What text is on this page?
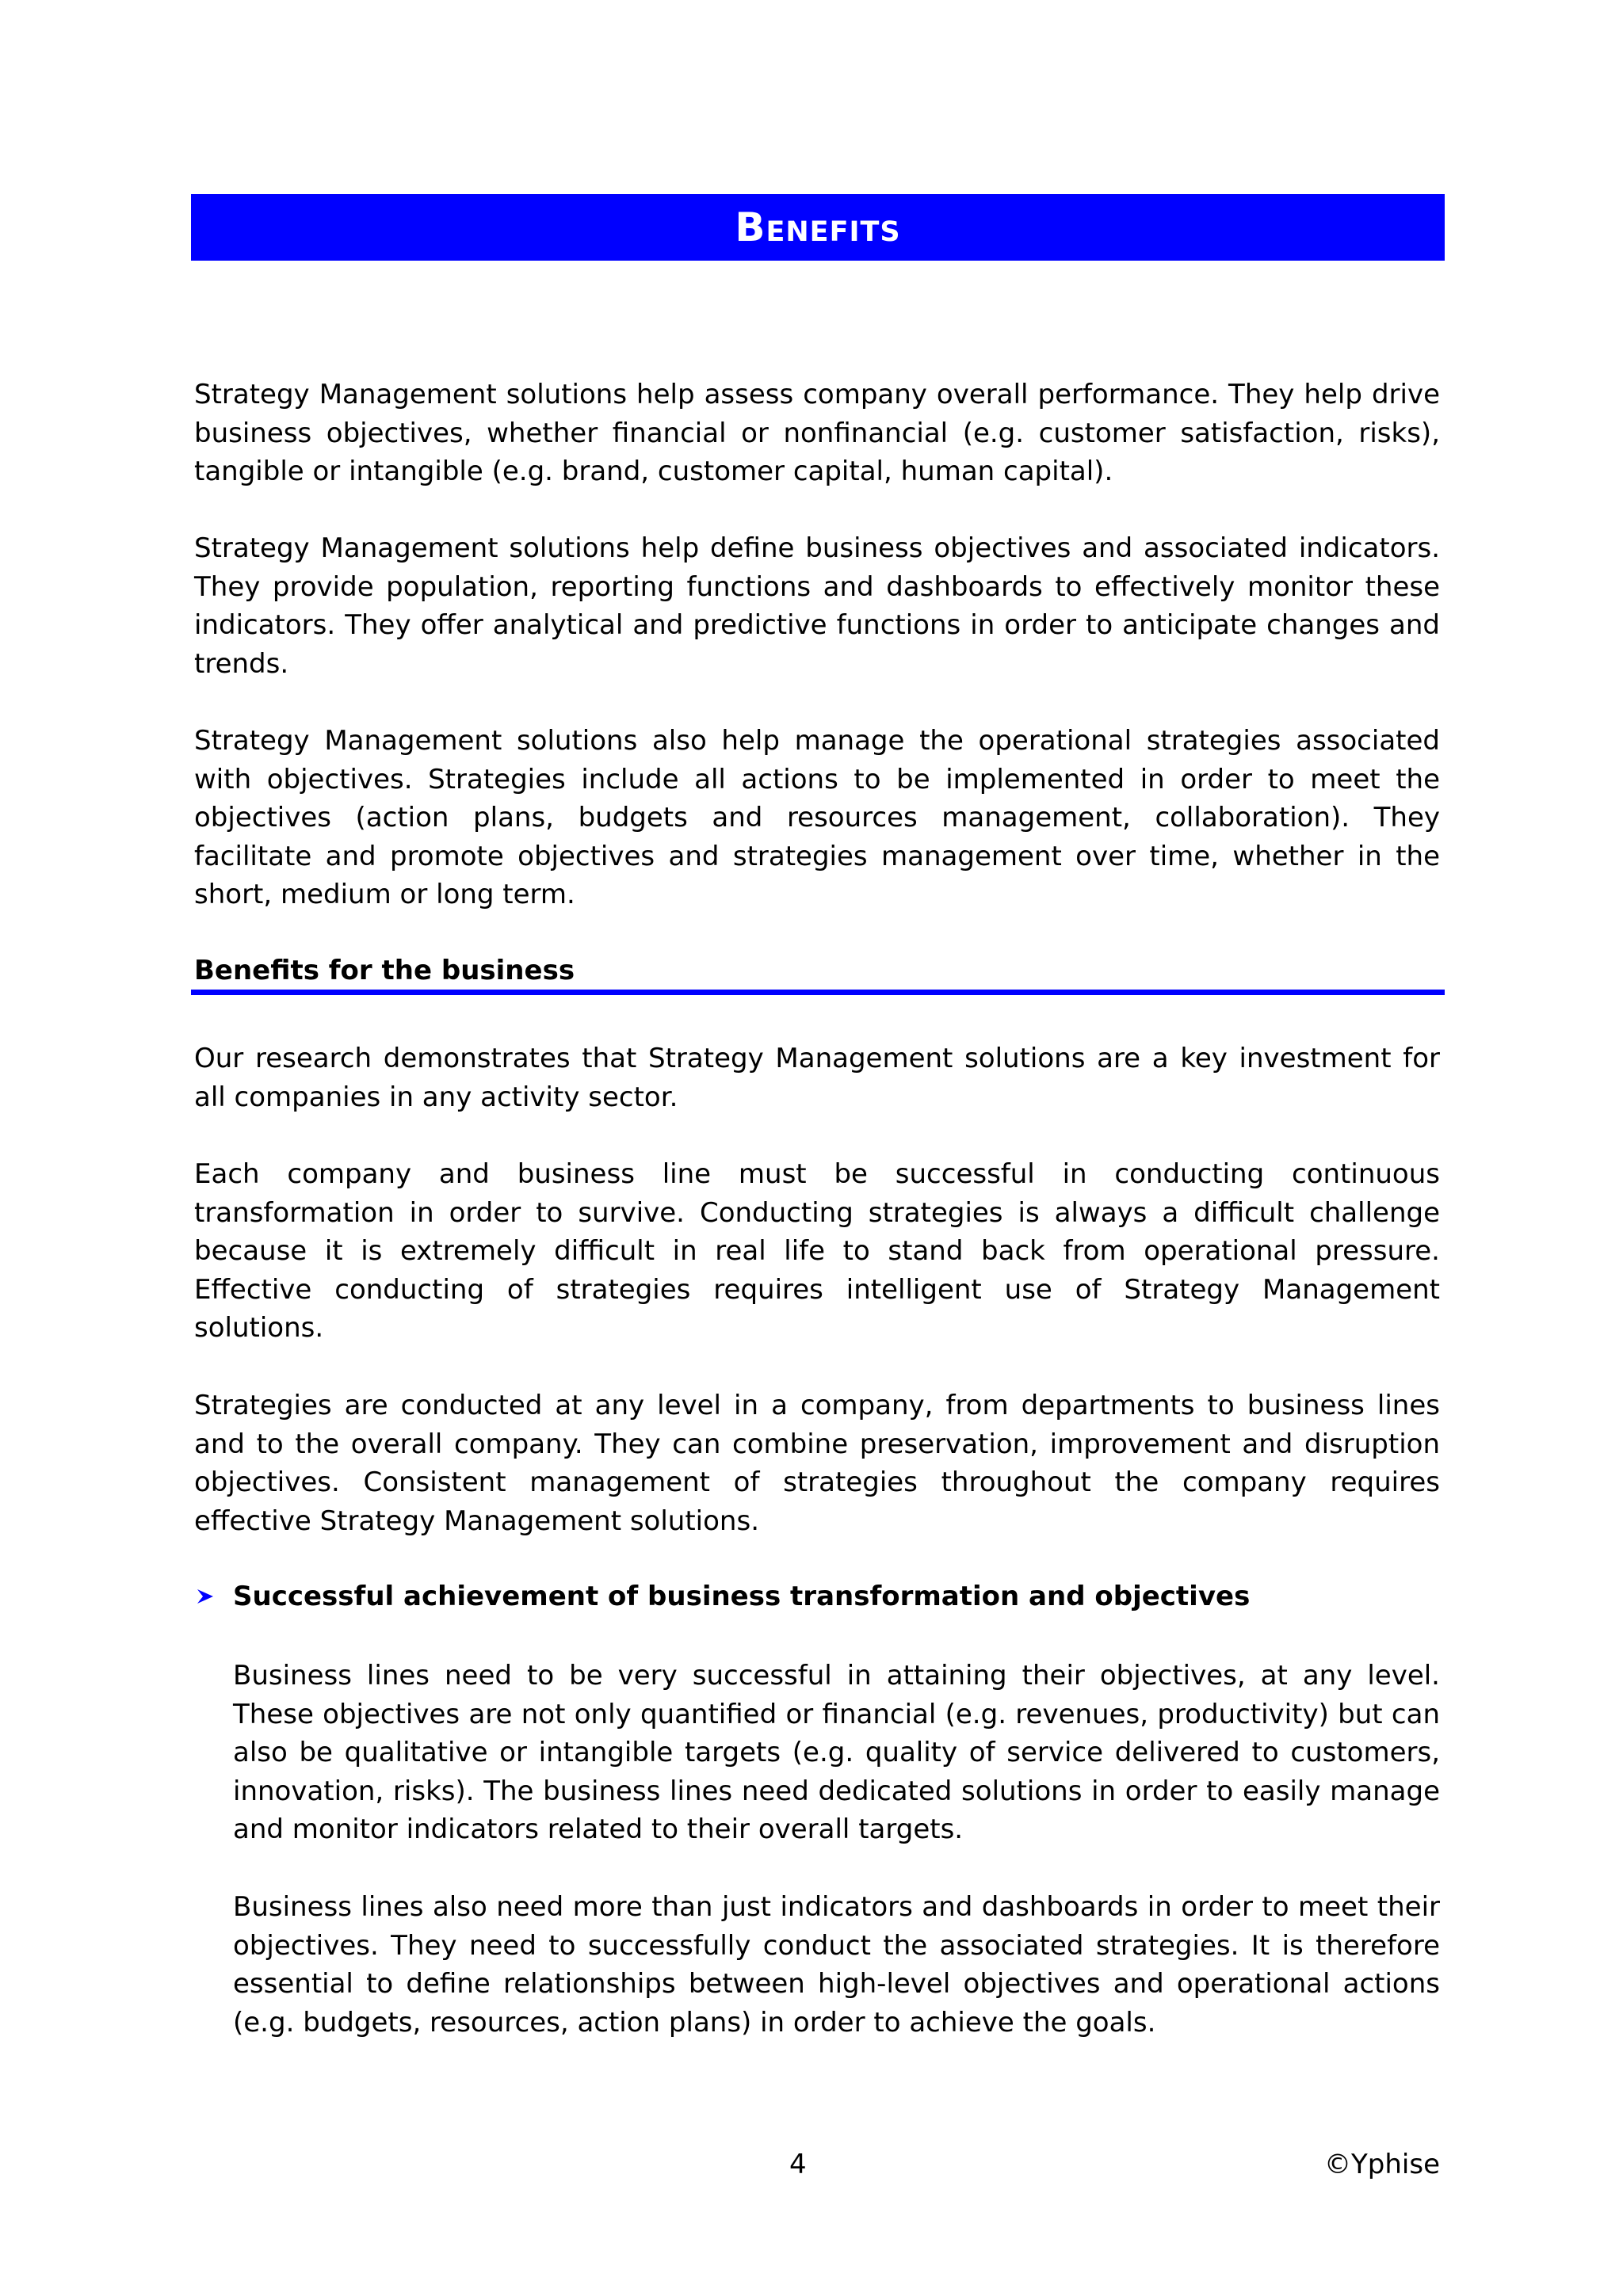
Benefits

Strategy Management solutions help assess company overall performance. They help drive business objectives, whether financial or nonfinancial (e.g. customer satisfaction, risks), tangible or intangible (e.g. brand, customer capital, human capital).

Strategy Management solutions help define business objectives and associated indicators. They provide population, reporting functions and dashboards to effectively monitor these indicators. They offer analytical and predictive functions in order to anticipate changes and trends.

Strategy Management solutions also help manage the operational strategies associated with objectives. Strategies include all actions to be implemented in order to meet the objectives (action plans, budgets and resources management, collaboration). They facilitate and promote objectives and strategies management over time, whether in the short, medium or long term.

Benefits for the business

Our research demonstrates that Strategy Management solutions are a key investment for all companies in any activity sector.

Each company and business line must be successful in conducting continuous transformation in order to survive. Conducting strategies is always a difficult challenge because it is extremely difficult in real life to stand back from operational pressure. Effective conducting of strategies requires intelligent use of Strategy Management solutions.

Strategies are conducted at any level in a company, from departments to business lines and to the overall company. They can combine preservation, improvement and disruption objectives. Consistent management of strategies throughout the company requires effective Strategy Management solutions.

Successful achievement of business transformation and objectives

Business lines need to be very successful in attaining their objectives, at any level. These objectives are not only quantified or financial (e.g. revenues, productivity) but can also be qualitative or intangible targets (e.g. quality of service delivered to customers, innovation, risks). The business lines need dedicated solutions in order to easily manage and monitor indicators related to their overall targets.

Business lines also need more than just indicators and dashboards in order to meet their objectives. They need to successfully conduct the associated strategies. It is therefore essential to define relationships between high-level objectives and operational actions (e.g. budgets, resources, action plans) in order to achieve the goals.

4	©Yphise
